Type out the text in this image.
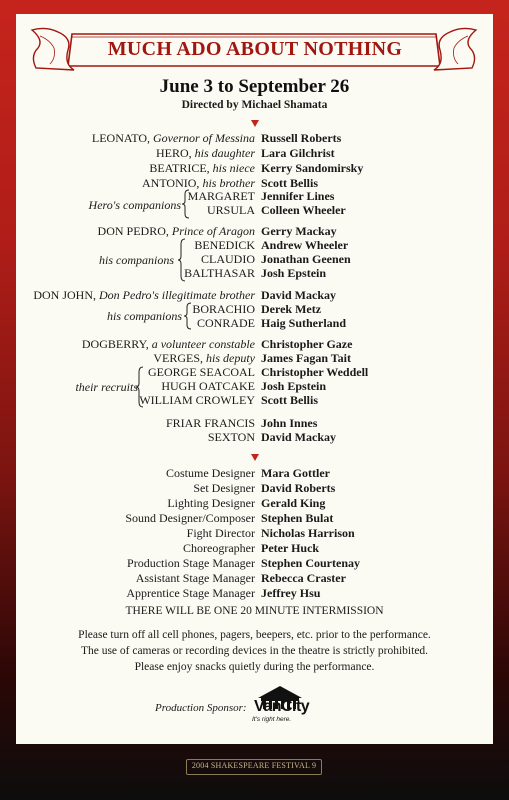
MUCH ADO ABOUT NOTHING
June 3 to September 26
Directed by Michael Shamata
LEONATO, Governor of Messina Russell Roberts
HERO, his daughter Lara Gilchrist
BEATRICE, his niece Kerry Sandomirsky
ANTONIO, his brother Scott Bellis
Hero's companions
MARGARET Jennifer Lines
URSULA Colleen Wheeler
DON PEDRO, Prince of Aragon Gerry Mackay
his companions
BENEDICK Andrew Wheeler
CLAUDIO Jonathan Geenen
BALTHASAR Josh Epstein
DON JOHN, Don Pedro's illegitimate brother David Mackay
his companions BORACHIO Derek Metz
CONRADE Haig Sutherland
DOGBERRY, a volunteer constable Christopher Gaze
VERGES, his deputy James Fagan Tait
their recruits
GEORGE SEACOAL Christopher Weddell
HUGH OATCAKE Josh Epstein
WILLIAM CROWLEY Scott Bellis
FRIAR FRANCIS John Innes
SEXTON David Mackay
Costume Designer Mara Gottler
Set Designer David Roberts
Lighting Designer Gerald King
Sound Designer/Composer Stephen Bulat
Fight Director Nicholas Harrison
Choreographer Peter Huck
Production Stage Manager Stephen Courtenay
Assistant Stage Manager Rebecca Craster
Apprentice Stage Manager Jeffrey Hsu
THERE WILL BE ONE 20 MINUTE INTERMISSION
Please turn off all cell phones, pagers, beepers, etc. prior to the performance.
The use of cameras or recording devices in the theatre is strictly prohibited.
Please enjoy snacks quietly during the performance.
Production Sponsor: VanCity
It's right here.
2004 SHAKESPEARE FESTIVAL 9
